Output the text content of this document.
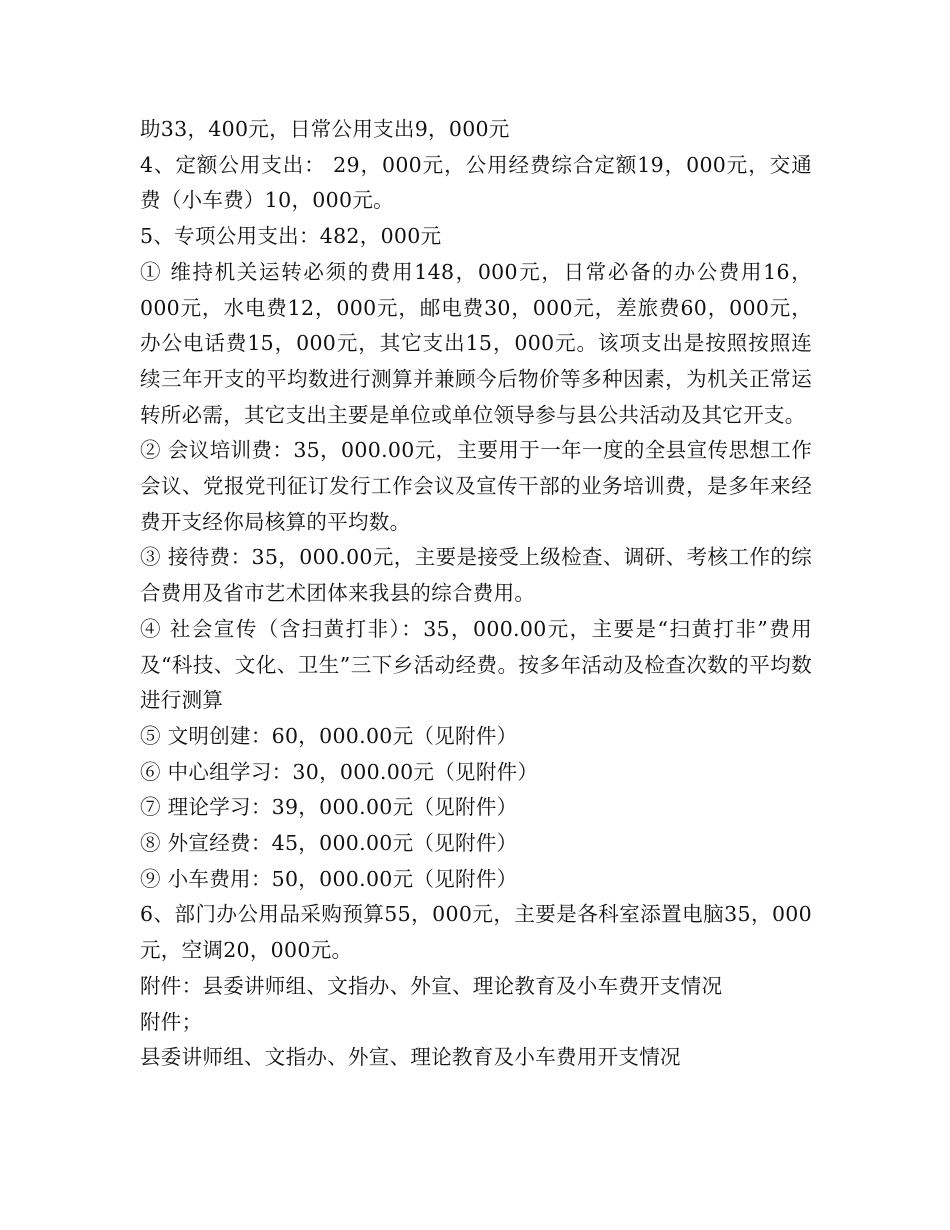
助33，400元，日常公用支出9，000元

4、定额公用支出： 29，000元，公用经费综合定额19，000元，交通费（小车费）10，000元。

5、专项公用支出：482，000元

① 维持机关运转必须的费用148，000元，日常必备的办公费用16，000元，水电费12，000元，邮电费30，000元，差旅费60，000元，办公电话费15，000元，其它支出15，000元。该项支出是按照按照连续三年开支的平均数进行测算并兼顾今后物价等多种因素，为机关正常运转所必需，其它支出主要是单位或单位领导参与县公共活动及其它开支。

② 会议培训费：35，000.00元，主要用于一年一度的全县宣传思想工作会议、党报党刊征订发行工作会议及宣传干部的业务培训费，是多年来经费开支经你局核算的平均数。

③ 接待费：35，000.00元，主要是接受上级检查、调研、考核工作的综合费用及省市艺术团体来我县的综合费用。

④ 社会宣传（含扫黄打非）：35，000.00元，主要是“扫黄打非”费用及“科技、文化、卫生”三下乡活动经费。按多年活动及检查次数的平均数进行测算

⑤ 文明创建：60，000.00元（见附件）

⑥ 中心组学习：30，000.00元（见附件）

⑦ 理论学习：39，000.00元（见附件）

⑧ 外宣经费：45，000.00元（见附件）

⑨ 小车费用：50，000.00元（见附件）

6、部门办公用品采购预算55，000元，主要是各科室添置电脑35，000元，空调20，000元。

附件：县委讲师组、文指办、外宣、理论教育及小车费开支情况

附件；

县委讲师组、文指办、外宣、理论教育及小车费用开支情况
